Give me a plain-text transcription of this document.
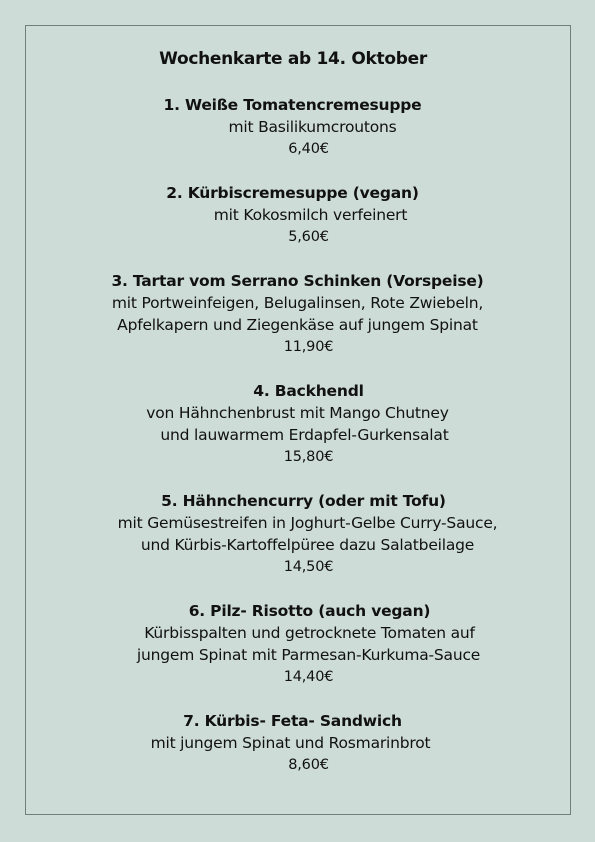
Wochenkarte ab 14. Oktober
1. Weiße Tomatencremesuppe
mit Basilikumcroutons
6,40€
2. Kürbiscremesuppe (vegan)
mit Kokosmilch verfeinert
5,60€
3. Tartar vom Serrano Schinken (Vorspeise)
mit Portweinfeigen, Belugalinsen, Rote Zwiebeln,
Apfelkapern und Ziegenkäse auf jungem Spinat
11,90€
4. Backhendl
von Hähnchenbrust mit Mango Chutney
und lauwarmem Erdapfel-Gurkensalat
15,80€
5. Hähnchencurry (oder mit Tofu)
mit Gemüsestreifen in Joghurt-Gelbe Curry-Sauce,
und Kürbis-Kartoffelpüree dazu Salatbeilage
14,50€
6. Pilz- Risotto (auch vegan)
Kürbisspalten und getrocknete Tomaten auf
jungem Spinat mit Parmesan-Kurkuma-Sauce
14,40€
7. Kürbis- Feta- Sandwich
mit jungem Spinat und Rosmarinbrot
8,60€
